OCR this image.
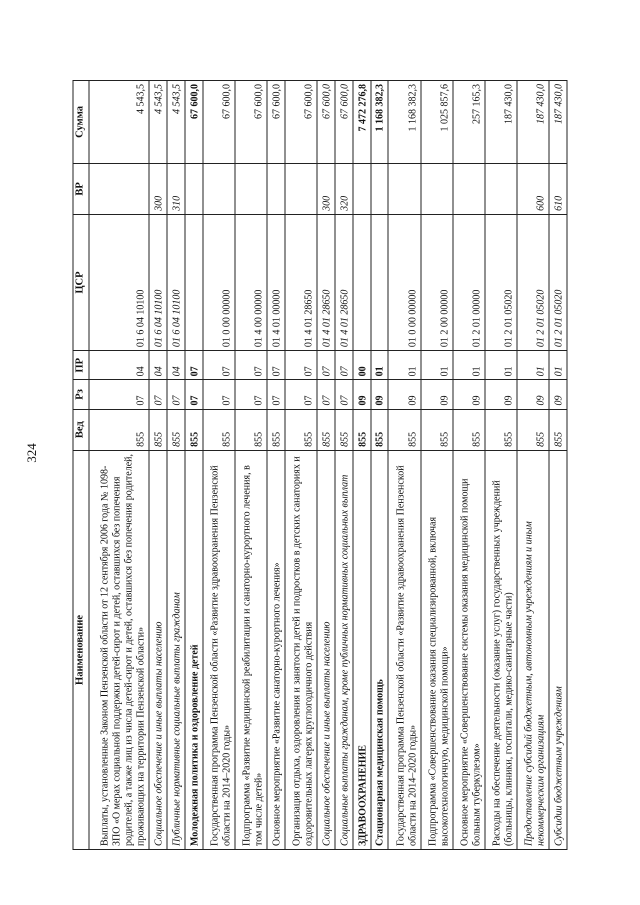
324
Наименование	Вед	Рз	ПР	ЦСР	ВР	Сумма
Выплаты, установленные Законом Пензенской области от 12 сентября 2006 года № 1098-ЗПО «О мерах социальной поддержки детей-сирот и детей, оставшихся без попечения родителей, а также лиц из числа детей-сирот и детей, оставшихся без попечения родителей, проживающих на территории Пензенской области»	855	07	04	01 6 04 10100		4 543,5
Социальное обеспечение и иные выплаты населению	855	07	04	01 6 04 10100	300	4 543,5
Публичные нормативные социальные выплаты гражданам	855	07	04	01 6 04 10100	310	4 543,5
Молодежная политика и оздоровление детей	855	07	07			67 600,0
Государственная программа Пензенской области «Развитие здравоохранения Пензенской области на 2014–2020 годы»	855	07	07	01 0 00 00000		67 600,0
Подпрограмма «Развитие медицинской реабилитации и санаторно-курортного лечения, в том числе детей»	855	07	07	01 4 00 00000		67 600,0
Основное мероприятие «Развитие санаторно-курортного лечения»	855	07	07	01 4 01 00000		67 600,0
Организация отдыха, оздоровления и занятости детей и подростков в детских санаториях и оздоровительных лагерях круглогодичного действия	855	07	07	01 4 01 28650		67 600,0
Социальное обеспечение и иные выплаты населению	855	07	07	01 4 01 28650	300	67 600,0
Социальные выплаты гражданам, кроме публичных нормативных социальных выплат	855	07	07	01 4 01 28650	320	67 600,0
ЗДРАВООХРАНЕНИЕ	855	09	00			7 472 276,8
Стационарная медицинская помощь	855	09	01			1 168 382,3
Государственная программа Пензенской области «Развитие здравоохранения Пензенской области на 2014–2020 годы»	855	09	01	01 0 00 00000		1 168 382,3
Подпрограмма «Совершенствование оказания специализированной, включая высокотехнологичную, медицинской помощи»	855	09	01	01 2 00 00000		1 025 857,6
Основное мероприятие «Совершенствование системы оказания медицинской помощи больным туберкулезом»	855	09	01	01 2 01 00000		257 165,3
Расходы на обеспечение деятельности (оказание услуг) государственных учреждений (больницы, клиники, госпитали, медико-санитарные части)	855	09	01	01 2 01 05020		187 430,0
Предоставление субсидий бюджетным, автономным учреждениям и иным некоммерческим организациям	855	09	01	01 2 01 05020	600	187 430,0
Субсидии бюджетным учреждениям	855	09	01	01 2 01 05020	610	187 430,0
